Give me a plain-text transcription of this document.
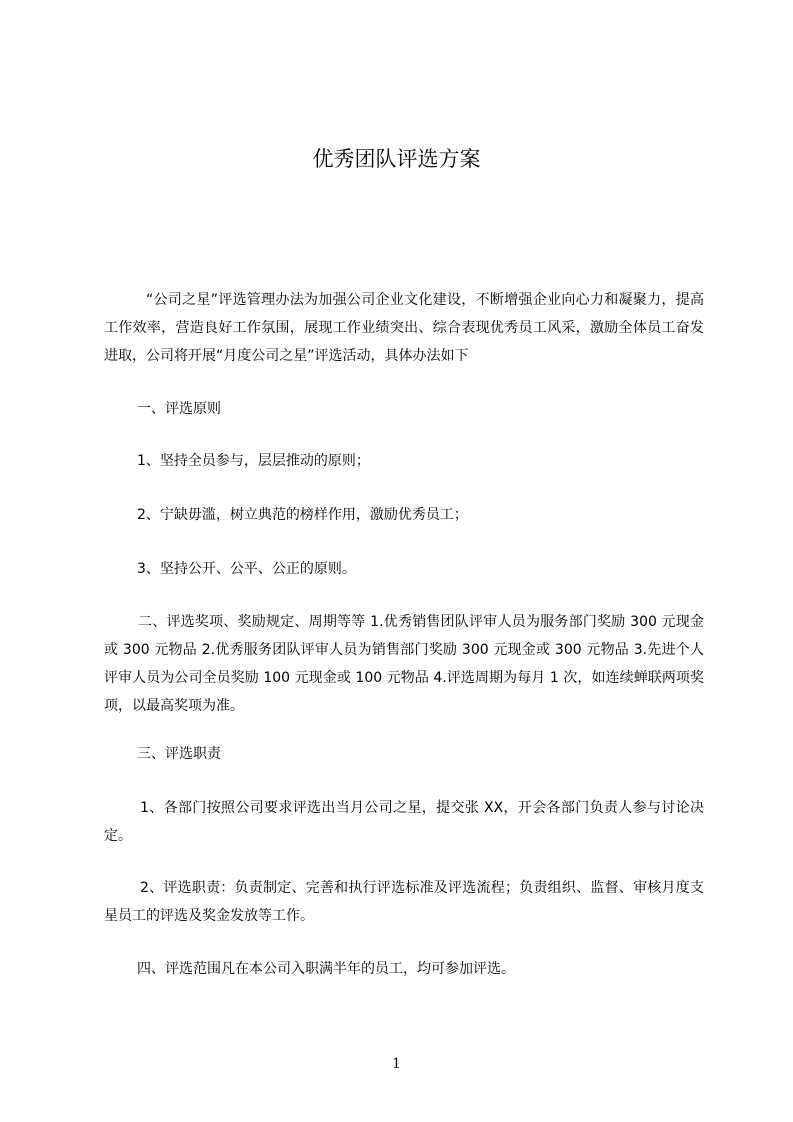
优秀团队评选方案

“公司之星”评选管理办法为加强公司企业文化建设，不断增强企业向心力和凝聚力，提高工作效率，营造良好工作氛围，展现工作业绩突出、综合表现优秀员工风采，激励全体员工奋发进取，公司将开展“月度公司之星”评选活动，具体办法如下

一、评选原则

1、坚持全员参与，层层推动的原则；

2、宁缺毋滥，树立典范的榜样作用，激励优秀员工；

3、坚持公开、公平、公正的原则。

二、评选奖项、奖励规定、周期等等 1.优秀销售团队评审人员为服务部门奖励 300 元现金或 300 元物品 2.优秀服务团队评审人员为销售部门奖励 300 元现金或 300 元物品 3.先进个人评审人员为公司全员奖励 100 元现金或 100 元物品 4.评选周期为每月 1 次，如连续蝉联两项奖项，以最高奖项为准。

三、评选职责

1、各部门按照公司要求评选出当月公司之星，提交张 XX，开会各部门负责人参与讨论决定。

2、评选职责：负责制定、完善和执行评选标准及评选流程；负责组织、监督、审核月度支星员工的评选及奖金发放等工作。

四、评选范围凡在本公司入职满半年的员工，均可参加评选。

1
